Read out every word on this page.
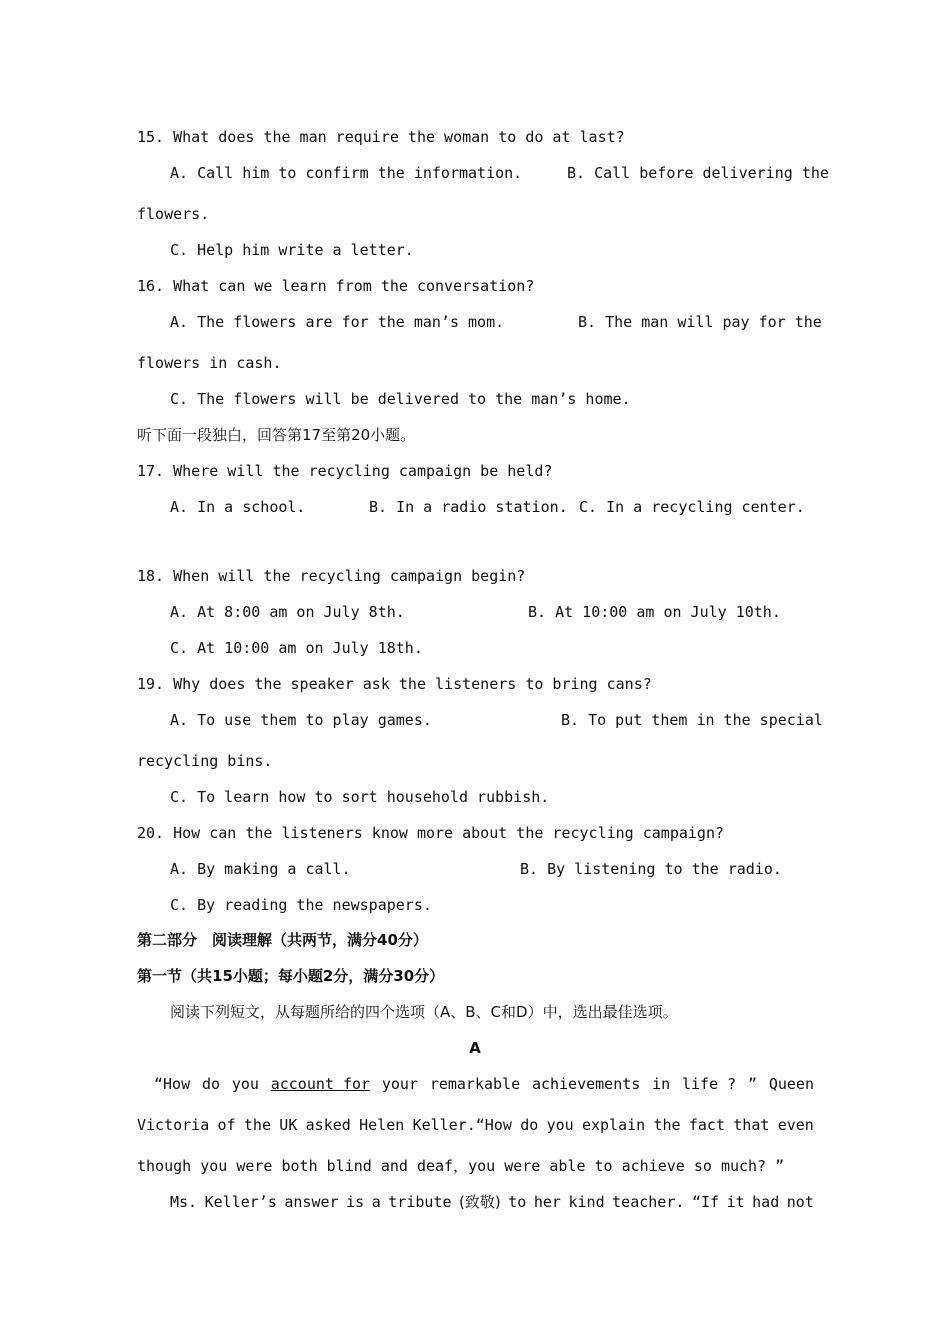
15. What does the man require the woman to do at last?
A. Call him to confirm the information.	B. Call before delivering the
flowers.
C. Help him write a letter.
16. What can we learn from the conversation?
A. The flowers are for the man’s mom.	B. The man will pay for the
flowers in cash.
C. The flowers will be delivered to the man’s home.
听下面一段独白，回答第17至第20小题。
17. Where will the recycling campaign be held?
A. In a school.	B. In a radio station. C. In a recycling center.
18. When will the recycling campaign begin?
A. At 8:00 am on July 8th.	B. At 10:00 am on July 10th.
C. At 10:00 am on July 18th.
19. Why does the speaker ask the listeners to bring cans?
A. To use them to play games.	B. To put them in the special
recycling bins.
C. To learn how to sort household rubbish.
20. How can the listeners know more about the recycling campaign?
A. By making a call.	B. By listening to the radio.
C. By reading the newspapers.
第二部分　阅读理解（共两节，满分40分）
第一节（共15小题；每小题2分，满分30分）
阅读下列短文，从每题所给的四个选项（A、B、C和D）中，选出最佳选项。
A
“How do you account for your remarkable achievements in life ? ” Queen
Victoria of the UK asked Helen Keller.“How do you explain the fact that even
though you were both blind and deaf，you were able to achieve so much? ”
Ms. Keller’s answer is a tribute (致敬) to her kind teacher. “If it had not
